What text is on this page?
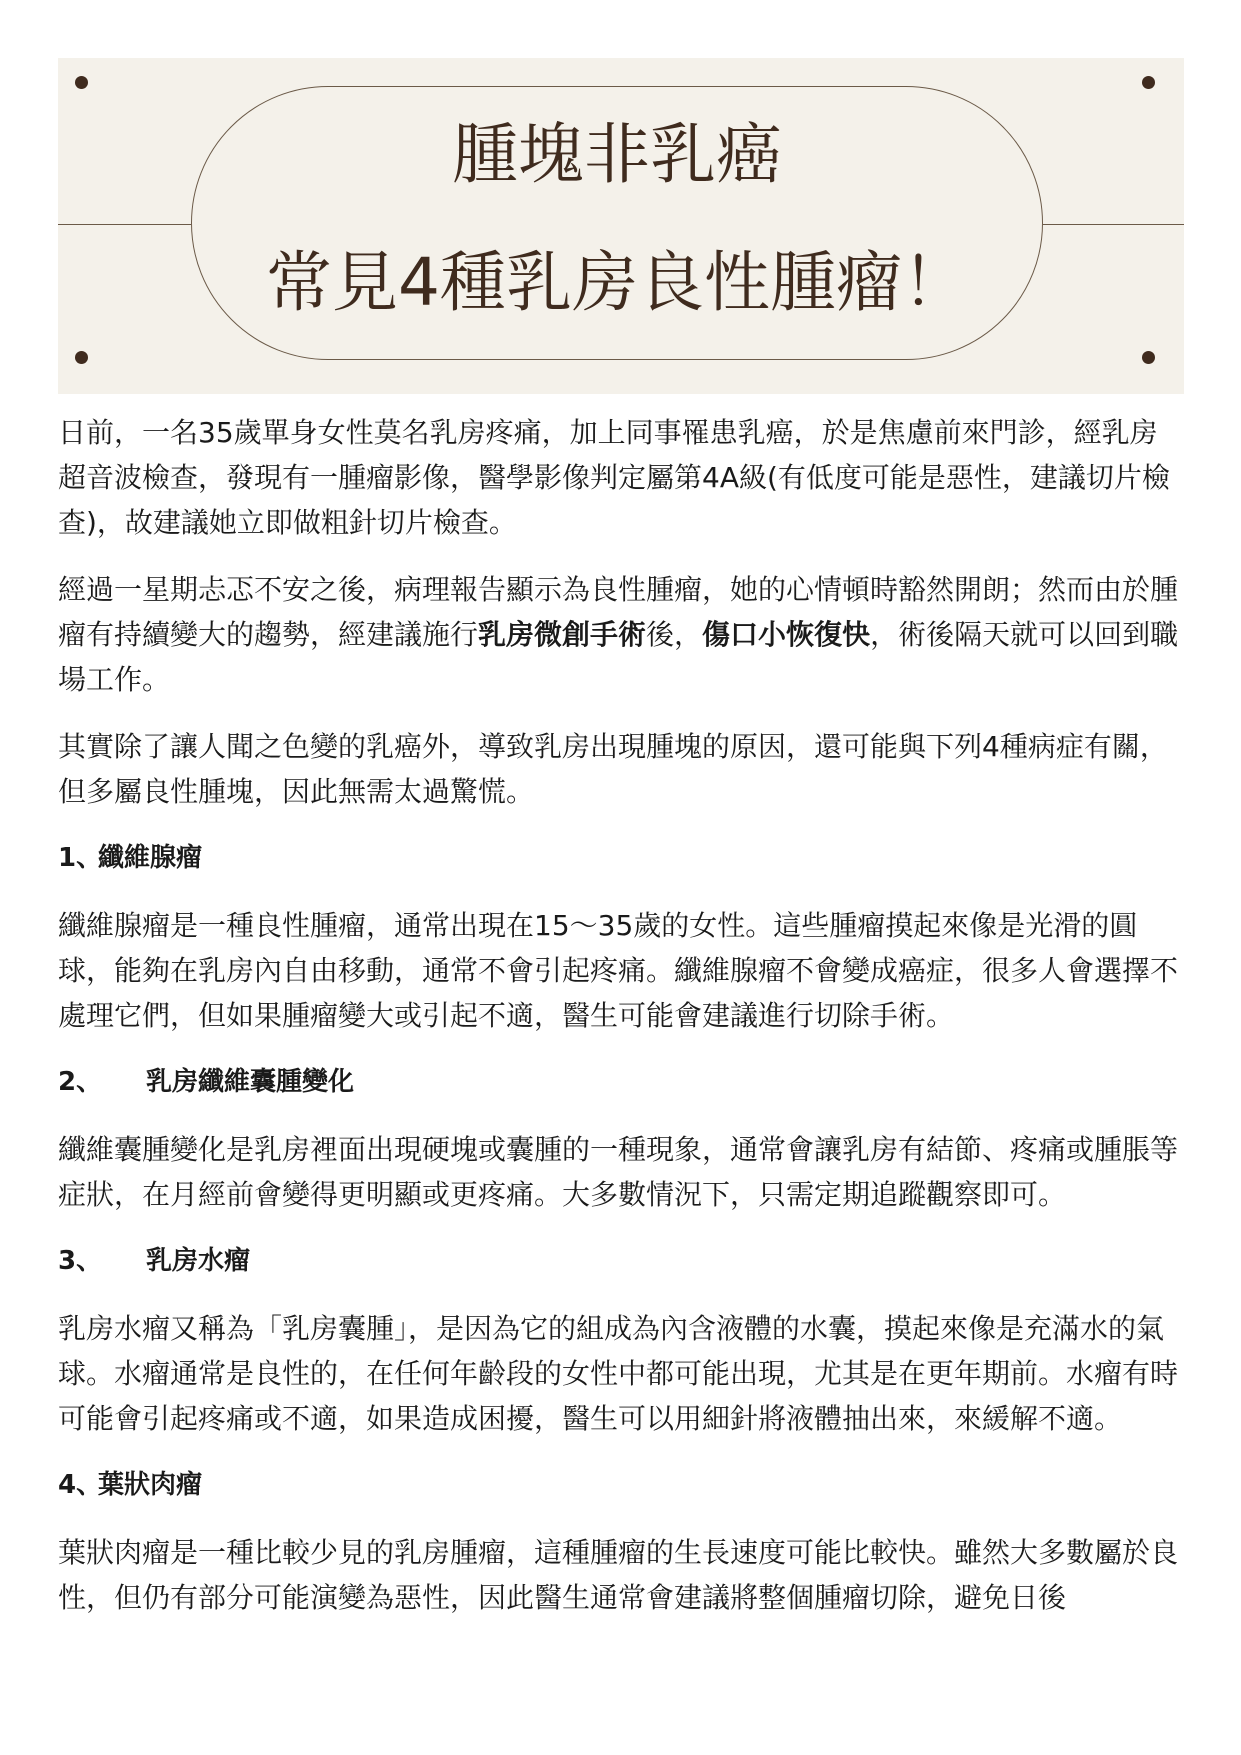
腫塊非乳癌
常見4種乳房良性腫瘤！

日前，一名35歲單身女性莫名乳房疼痛，加上同事罹患乳癌，於是焦慮前來門診，經乳房超音波檢查，發現有一腫瘤影像，醫學影像判定屬第4A級(有低度可能是惡性，建議切片檢查)，故建議她立即做粗針切片檢查。

經過一星期忐忑不安之後，病理報告顯示為良性腫瘤，她的心情頓時豁然開朗；然而由於腫瘤有持續變大的趨勢，經建議施行乳房微創手術後，傷口小恢復快，術後隔天就可以回到職場工作。

其實除了讓人聞之色變的乳癌外，導致乳房出現腫塊的原因，還可能與下列4種病症有關，但多屬良性腫塊，因此無需太過驚慌。

1、纖維腺瘤

纖維腺瘤是一種良性腫瘤，通常出現在15～35歲的女性。這些腫瘤摸起來像是光滑的圓球，能夠在乳房內自由移動，通常不會引起疼痛。纖維腺瘤不會變成癌症，很多人會選擇不處理它們，但如果腫瘤變大或引起不適，醫生可能會建議進行切除手術。

2、 乳房纖維囊腫變化

纖維囊腫變化是乳房裡面出現硬塊或囊腫的一種現象，通常會讓乳房有結節、疼痛或腫脹等症狀，在月經前會變得更明顯或更疼痛。大多數情況下，只需定期追蹤觀察即可。

3、 乳房水瘤

乳房水瘤又稱為「乳房囊腫」，是因為它的組成為內含液體的水囊，摸起來像是充滿水的氣球。水瘤通常是良性的，在任何年齡段的女性中都可能出現，尤其是在更年期前。水瘤有時可能會引起疼痛或不適，如果造成困擾，醫生可以用細針將液體抽出來，來緩解不適。

4、葉狀肉瘤

葉狀肉瘤是一種比較少見的乳房腫瘤，這種腫瘤的生長速度可能比較快。雖然大多數屬於良性，但仍有部分可能演變為惡性，因此醫生通常會建議將整個腫瘤切除，避免日後
